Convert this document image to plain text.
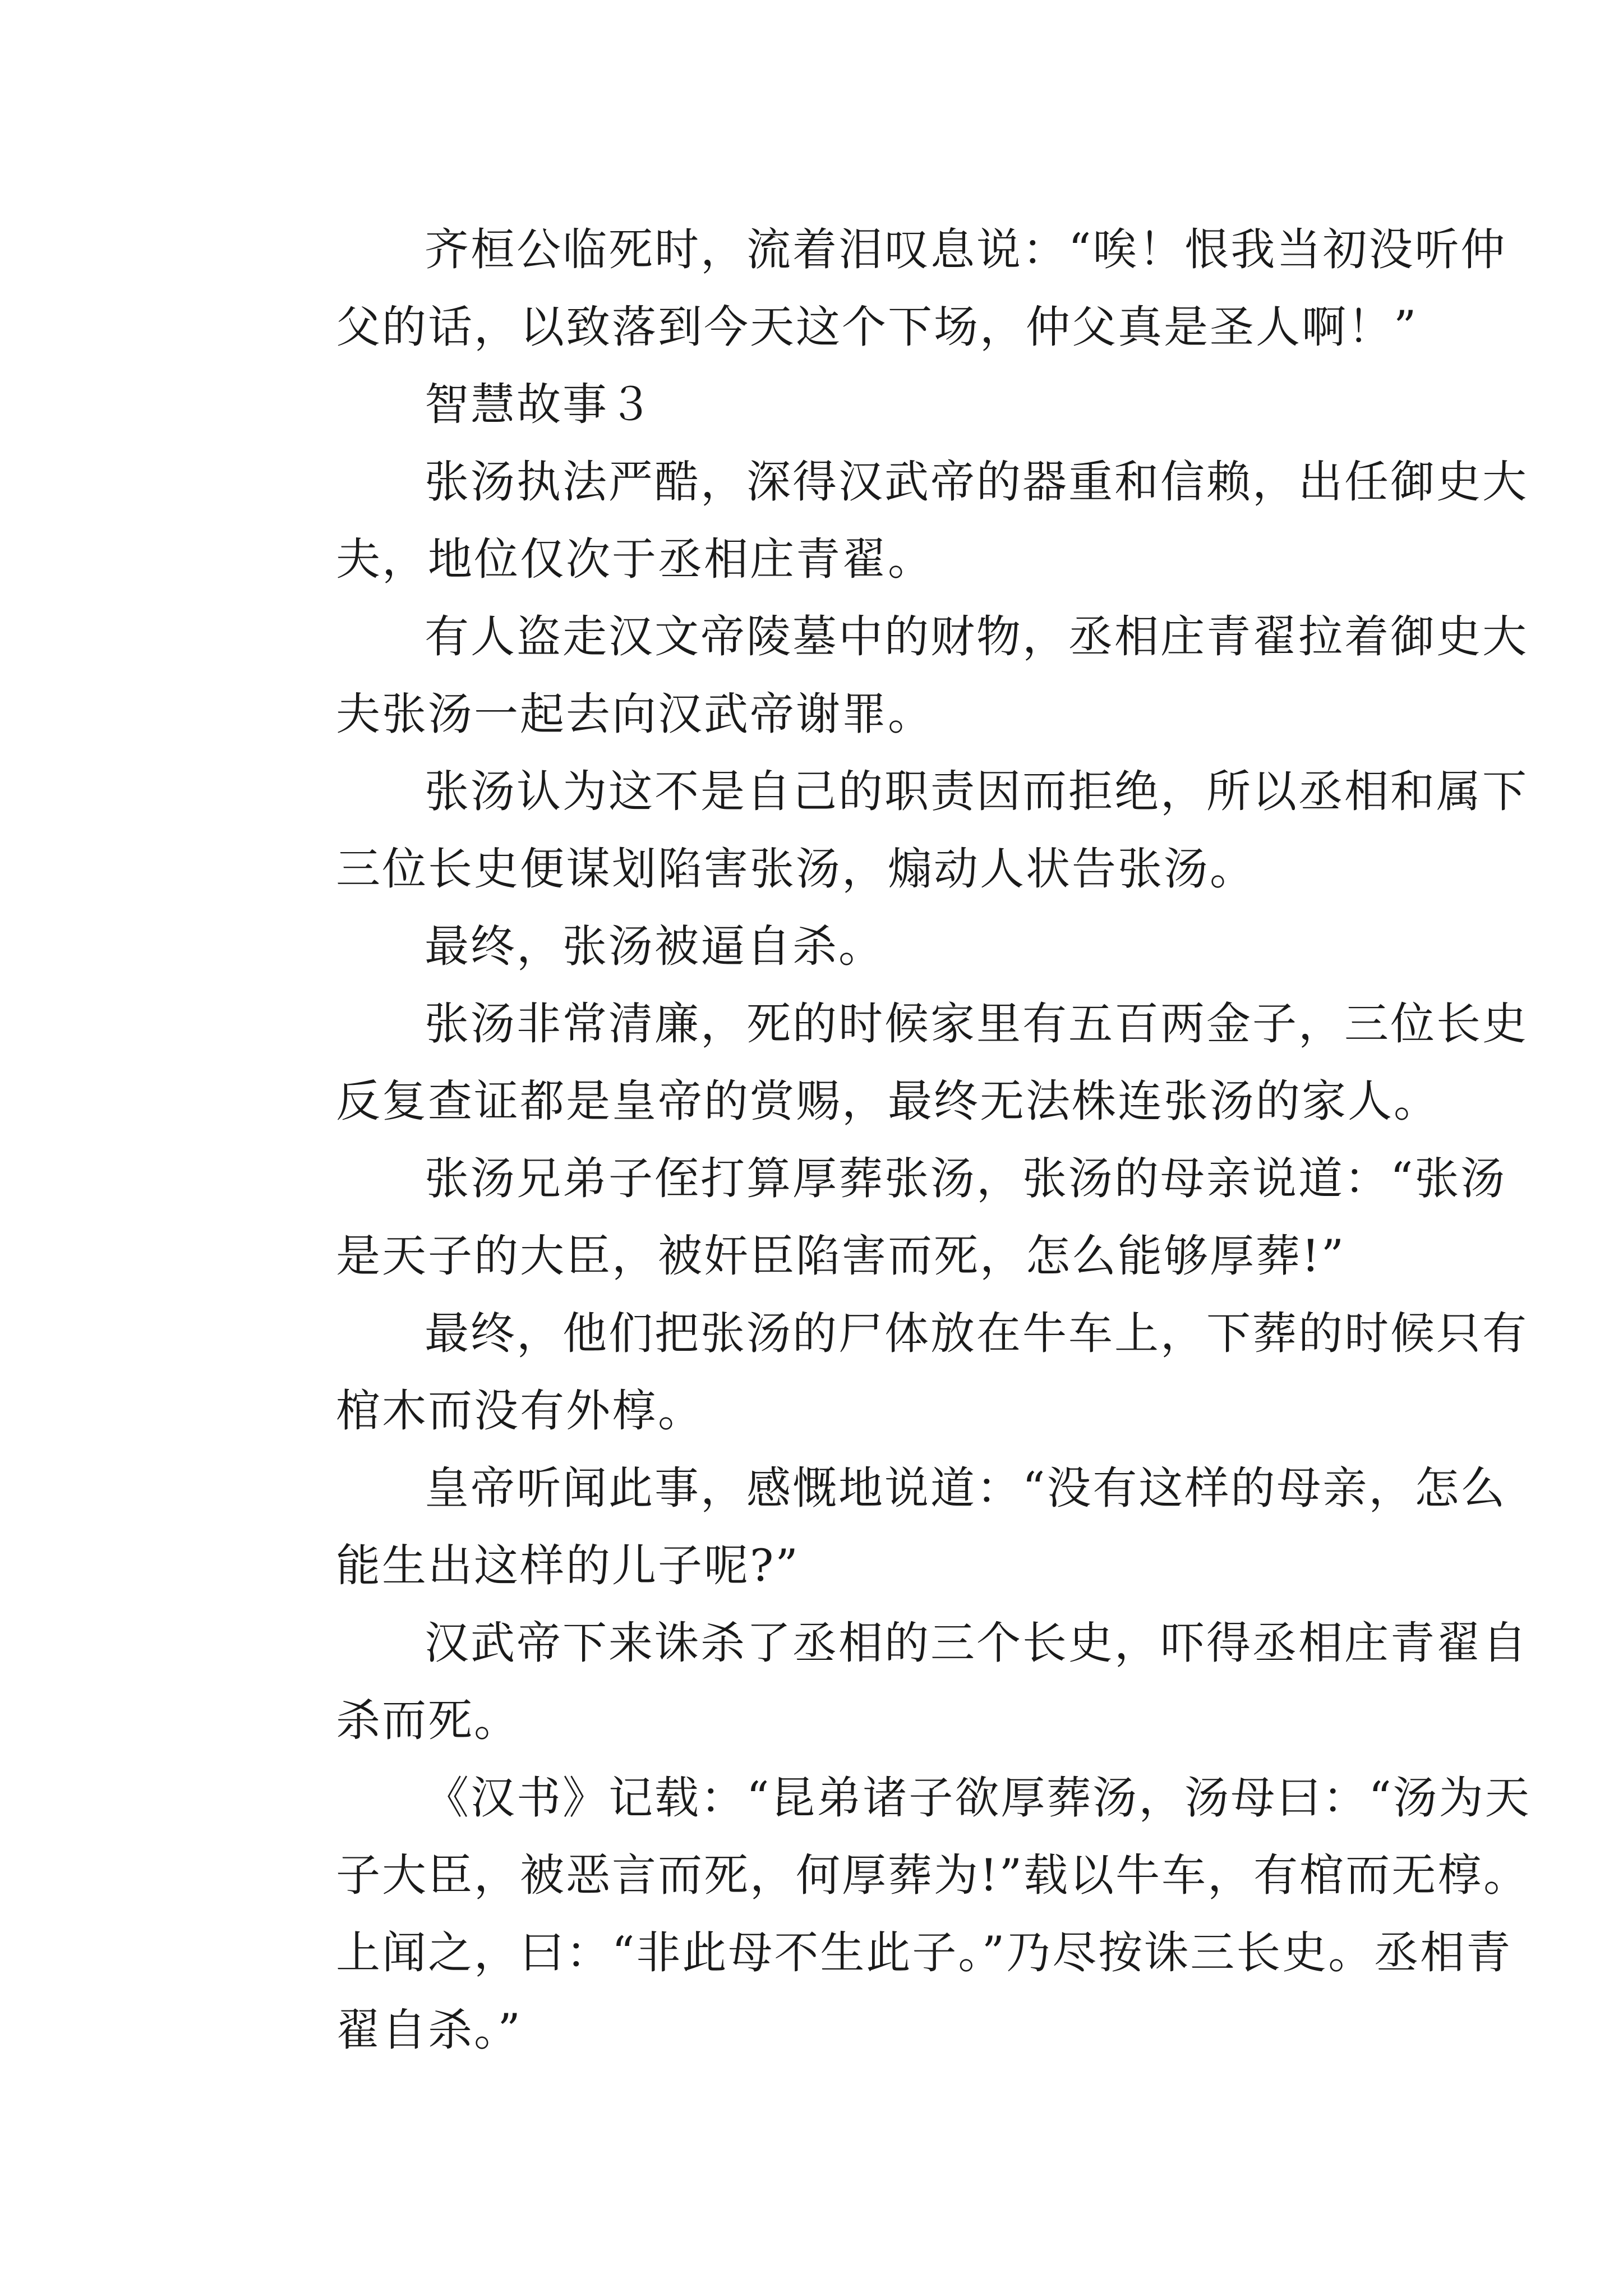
齐桓公临死时，流着泪叹息说：“唉！恨我当初没听仲
父的话，以致落到今天这个下场，仲父真是圣人啊！”
智慧故事３
张汤执法严酷，深得汉武帝的器重和信赖，出任御史大
夫，地位仅次于丞相庄青翟。
有人盗走汉文帝陵墓中的财物，丞相庄青翟拉着御史大
夫张汤一起去向汉武帝谢罪。
张汤认为这不是自己的职责因而拒绝，所以丞相和属下
三位长史便谋划陷害张汤，煽动人状告张汤。
最终，张汤被逼自杀。
张汤非常清廉，死的时候家里有五百两金子，三位长史
反复查证都是皇帝的赏赐，最终无法株连张汤的家人。
张汤兄弟子侄打算厚葬张汤，张汤的母亲说道：“张汤
是天子的大臣，被奸臣陷害而死，怎么能够厚葬!”
最终，他们把张汤的尸体放在牛车上，下葬的时候只有
棺木而没有外椁。
皇帝听闻此事，感慨地说道：“没有这样的母亲，怎么
能生出这样的儿子呢?”
汉武帝下来诛杀了丞相的三个长史，吓得丞相庄青翟自
杀而死。
《汉书》记载：“昆弟诸子欲厚葬汤，汤母曰：“汤为天
子大臣，被恶言而死，何厚葬为!”载以牛车，有棺而无椁。
上闻之，曰：“非此母不生此子。”乃尽按诛三长史。丞相青
翟自杀。”
